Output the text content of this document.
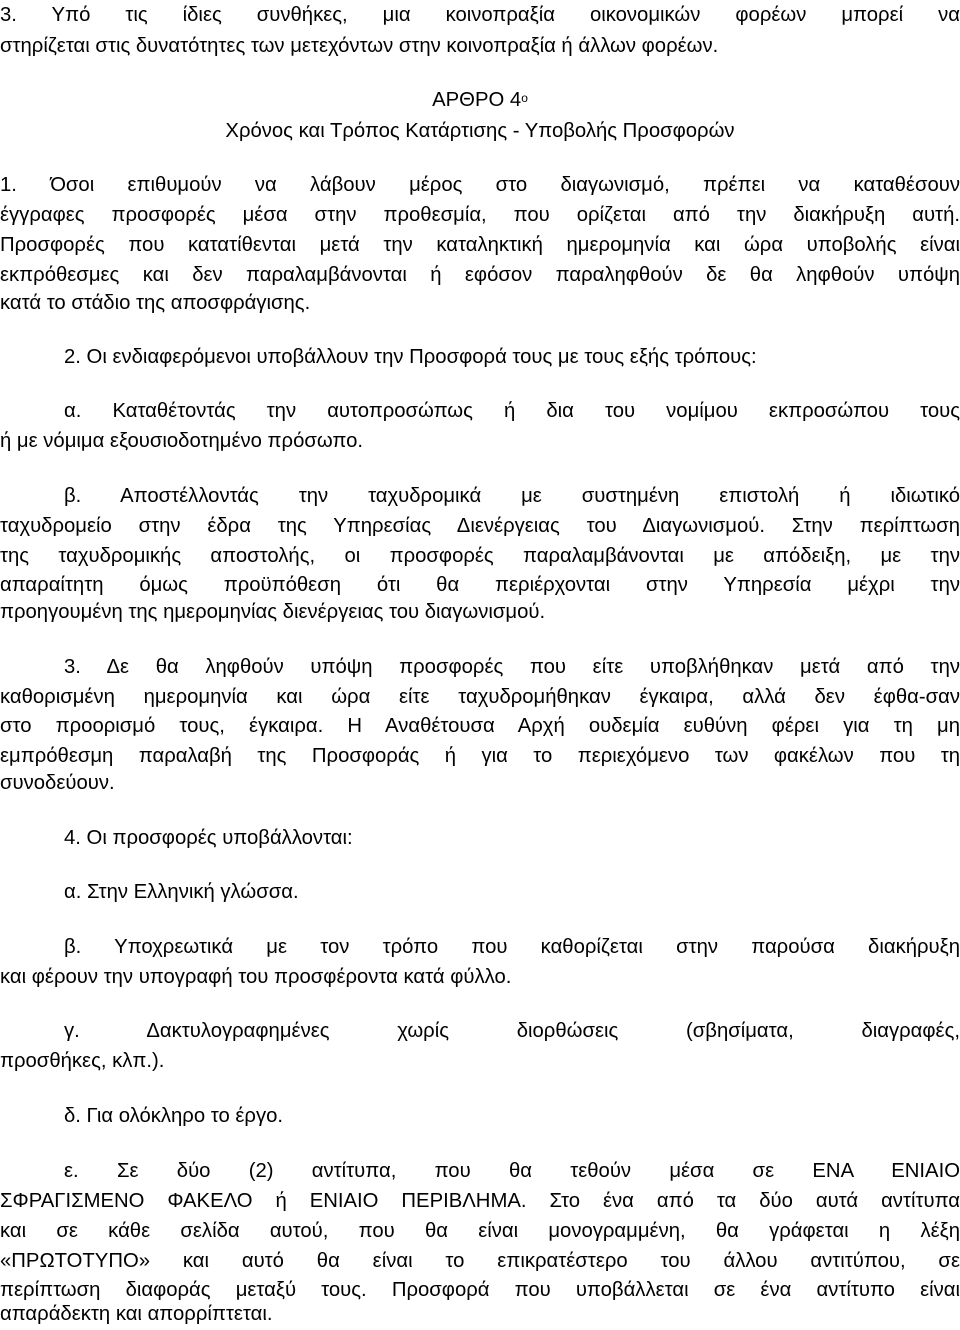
3. Υπό τις ίδιες συνθήκες, μια κοινοπραξία οικονομικών φορέων μπορεί να
στηρίζεται στις δυνατότητες των μετεχόντων στην κοινοπραξία ή άλλων φορέων.
ΑΡΘΡΟ $4^o$
Χρόνος και Τρόπος Κατάρτισης - Υποβολής Προσφορών
1. Όσοι επιθυμούν να λάβουν μέρος στο διαγωνισμό, πρέπει να καταθέσουν
έγγραφες προσφορές μέσα στην προθεσμία, που ορίζεται από την διακήρυξη αυτή.
Προσφορές που κατατίθενται μετά την καταληκτική ημερομηνία και ώρα υποβολής είναι
εκπρόθεσμες και δεν παραλαμβάνονται ή εφόσον παραληφθούν δε θα ληφθούν υπόψη
κατά το στάδιο της αποσφράγισης.
2. Οι ενδιαφερόμενοι υποβάλλουν την Προσφορά τους με τους εξής τρόπους:
α. Καταθέτοντάς την αυτοπροσώπως ή δια του νομίμου εκπροσώπου τους
ή με νόμιμα εξουσιοδοτημένο πρόσωπο.
β. Αποστέλλοντάς την ταχυδρομικά με συστημένη επιστολή ή ιδιωτικό
ταχυδρομείο στην έδρα της Υπηρεσίας Διενέργειας του Διαγωνισμού. Στην περίπτωση
της ταχυδρομικής αποστολής, οι προσφορές παραλαμβάνονται με απόδειξη, με την
απαραίτητη όμως προϋπόθεση ότι θα περιέρχονται στην Υπηρεσία μέχρι την
προηγουμένη της ημερομηνίας διενέργειας του διαγωνισμού.
3. Δε θα ληφθούν υπόψη προσφορές που είτε υποβλήθηκαν μετά από την
καθορισμένη ημερομηνία και ώρα είτε ταχυδρομήθηκαν έγκαιρα, αλλά δεν έφθα-σαν
στο προορισμό τους, έγκαιρα. Η Αναθέτουσα Αρχή ουδεμία ευθύνη φέρει για τη μη
εμπρόθεσμη παραλαβή της Προσφοράς ή για το περιεχόμενο των φακέλων που τη
συνοδεύουν.
4. Οι προσφορές υποβάλλονται:
α. Στην Ελληνική γλώσσα.
β. Υποχρεωτικά με τον τρόπο που καθορίζεται στην παρούσα διακήρυξη
και φέρουν την υπογραφή του προσφέροντα κατά φύλλο.
γ. Δακτυλογραφημένες χωρίς διορθώσεις (σβησίματα, διαγραφές,
προσθήκες, κλπ.).
δ. Για ολόκληρο το έργο.
ε. Σε δύο (2) αντίτυπα, που θα τεθούν μέσα σε ΕΝΑ ΕΝΙΑΙΟ
ΣΦΡΑΓΙΣΜΕΝΟ ΦΑΚΕΛΟ ή ΕΝΙΑΙΟ ΠΕΡΙΒΛΗΜΑ. Στο ένα από τα δύο αυτά αντίτυπα
και σε κάθε σελίδα αυτού, που θα είναι μονογραμμένη, θα γράφεται η λέξη
«ΠΡΩΤΟΤΥΠΟ» και αυτό θα είναι το επικρατέστερο του άλλου αντιτύπου, σε
περίπτωση διαφοράς μεταξύ τους. Προσφορά που υποβάλλεται σε ένα αντίτυπο είναι
απαράδεκτη και απορρίπτεται.
